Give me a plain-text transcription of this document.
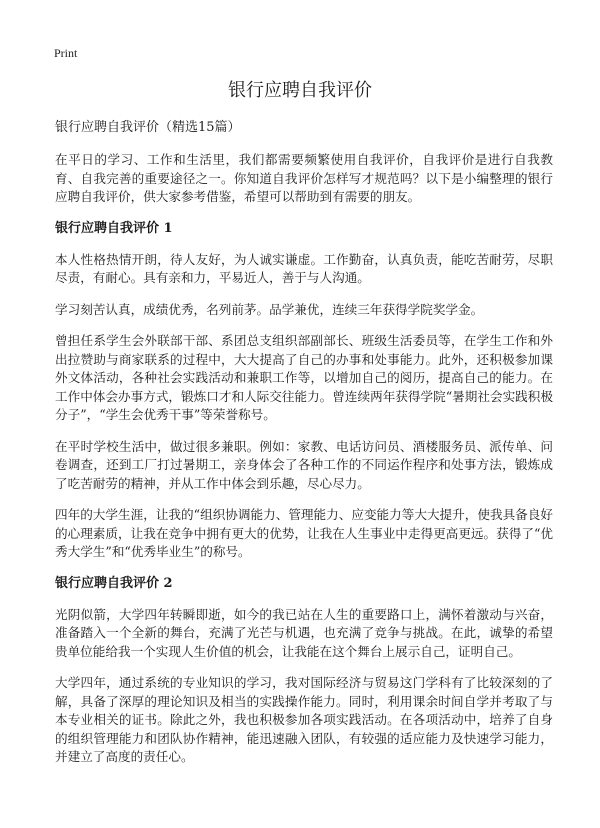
Print
银行应聘自我评价
银行应聘自我评价（精选15篇）

在平日的学习、工作和生活里，我们都需要频繁使用自我评价，自我评价是进行自我教育、自我完善的重要途径之一。你知道自我评价怎样写才规范吗？以下是小编整理的银行应聘自我评价，供大家参考借鉴，希望可以帮助到有需要的朋友。

银行应聘自我评价 1

本人性格热情开朗，待人友好，为人诚实谦虚。工作勤奋，认真负责，能吃苦耐劳，尽职尽责，有耐心。具有亲和力，平易近人，善于与人沟通。

学习刻苦认真，成绩优秀，名列前茅。品学兼优，连续三年获得学院奖学金。

曾担任系学生会外联部干部、系团总支组织部副部长、班级生活委员等，在学生工作和外出拉赞助与商家联系的过程中，大大提高了自己的办事和处事能力。此外，还积极参加课外文体活动，各种社会实践活动和兼职工作等，以增加自己的阅历，提高自己的能力。在工作中体会办事方式，锻炼口才和人际交往能力。曾连续两年获得学院“暑期社会实践积极分子”，“学生会优秀干事”等荣誉称号。

在平时学校生活中，做过很多兼职。例如：家教、电话访问员、酒楼服务员、派传单、问卷调查，还到工厂打过暑期工，亲身体会了各种工作的不同运作程序和处事方法，锻炼成了吃苦耐劳的精神，并从工作中体会到乐趣，尽心尽力。

四年的大学生涯，让我的“组织协调能力、管理能力、应变能力等大大提升，使我具备良好的心理素质，让我在竞争中拥有更大的优势，让我在人生事业中走得更高更远。获得了“优秀大学生”和“优秀毕业生”的称号。

银行应聘自我评价 2

光阴似箭，大学四年转瞬即逝，如今的我已站在人生的重要路口上，满怀着激动与兴奋，准备踏入一个全新的舞台，充满了光芒与机遇，也充满了竞争与挑战。在此，诚挚的希望贵单位能给我一个实现人生价值的机会，让我能在这个舞台上展示自己，证明自己。

大学四年，通过系统的专业知识的学习，我对国际经济与贸易这门学科有了比较深刻的了解，具备了深厚的理论知识及相当的实践操作能力。同时，利用课余时间自学并考取了与本专业相关的证书。除此之外，我也积极参加各项实践活动。在各项活动中，培养了自身的组织管理能力和团队协作精神，能迅速融入团队，有较强的适应能力及快速学习能力，并建立了高度的责任心。
